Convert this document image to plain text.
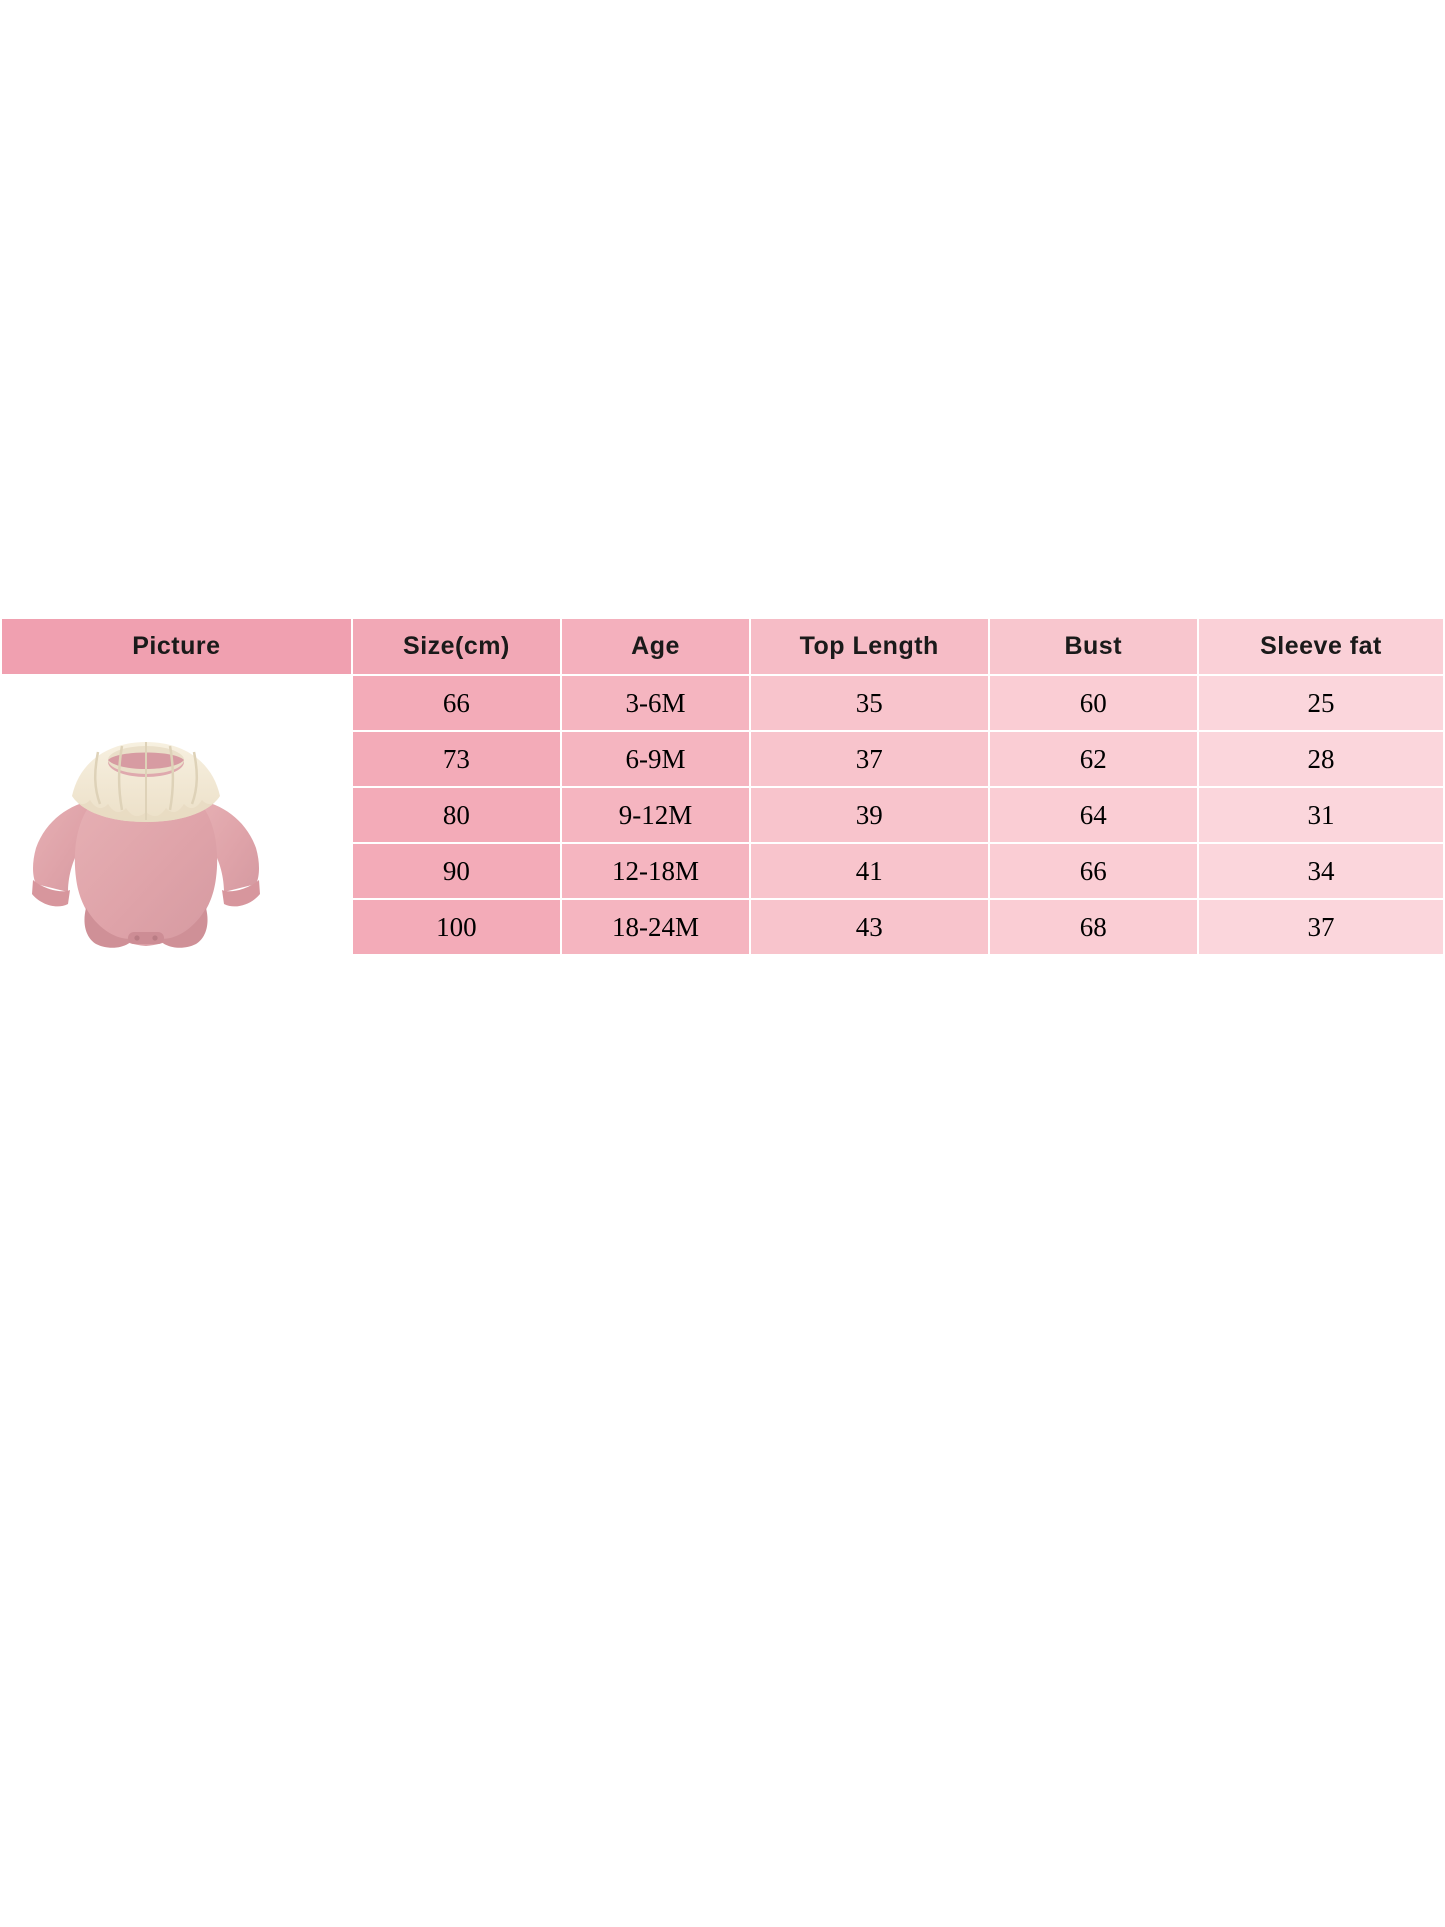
Picture	Size(cm)	Age	Top Length	Bust	Sleeve fat

	66	3-6M	35	60	25
	73	6-9M	37	62	28
	80	9-12M	39	64	31
	90	12-18M	41	66	34
	100	18-24M	43	68	37
